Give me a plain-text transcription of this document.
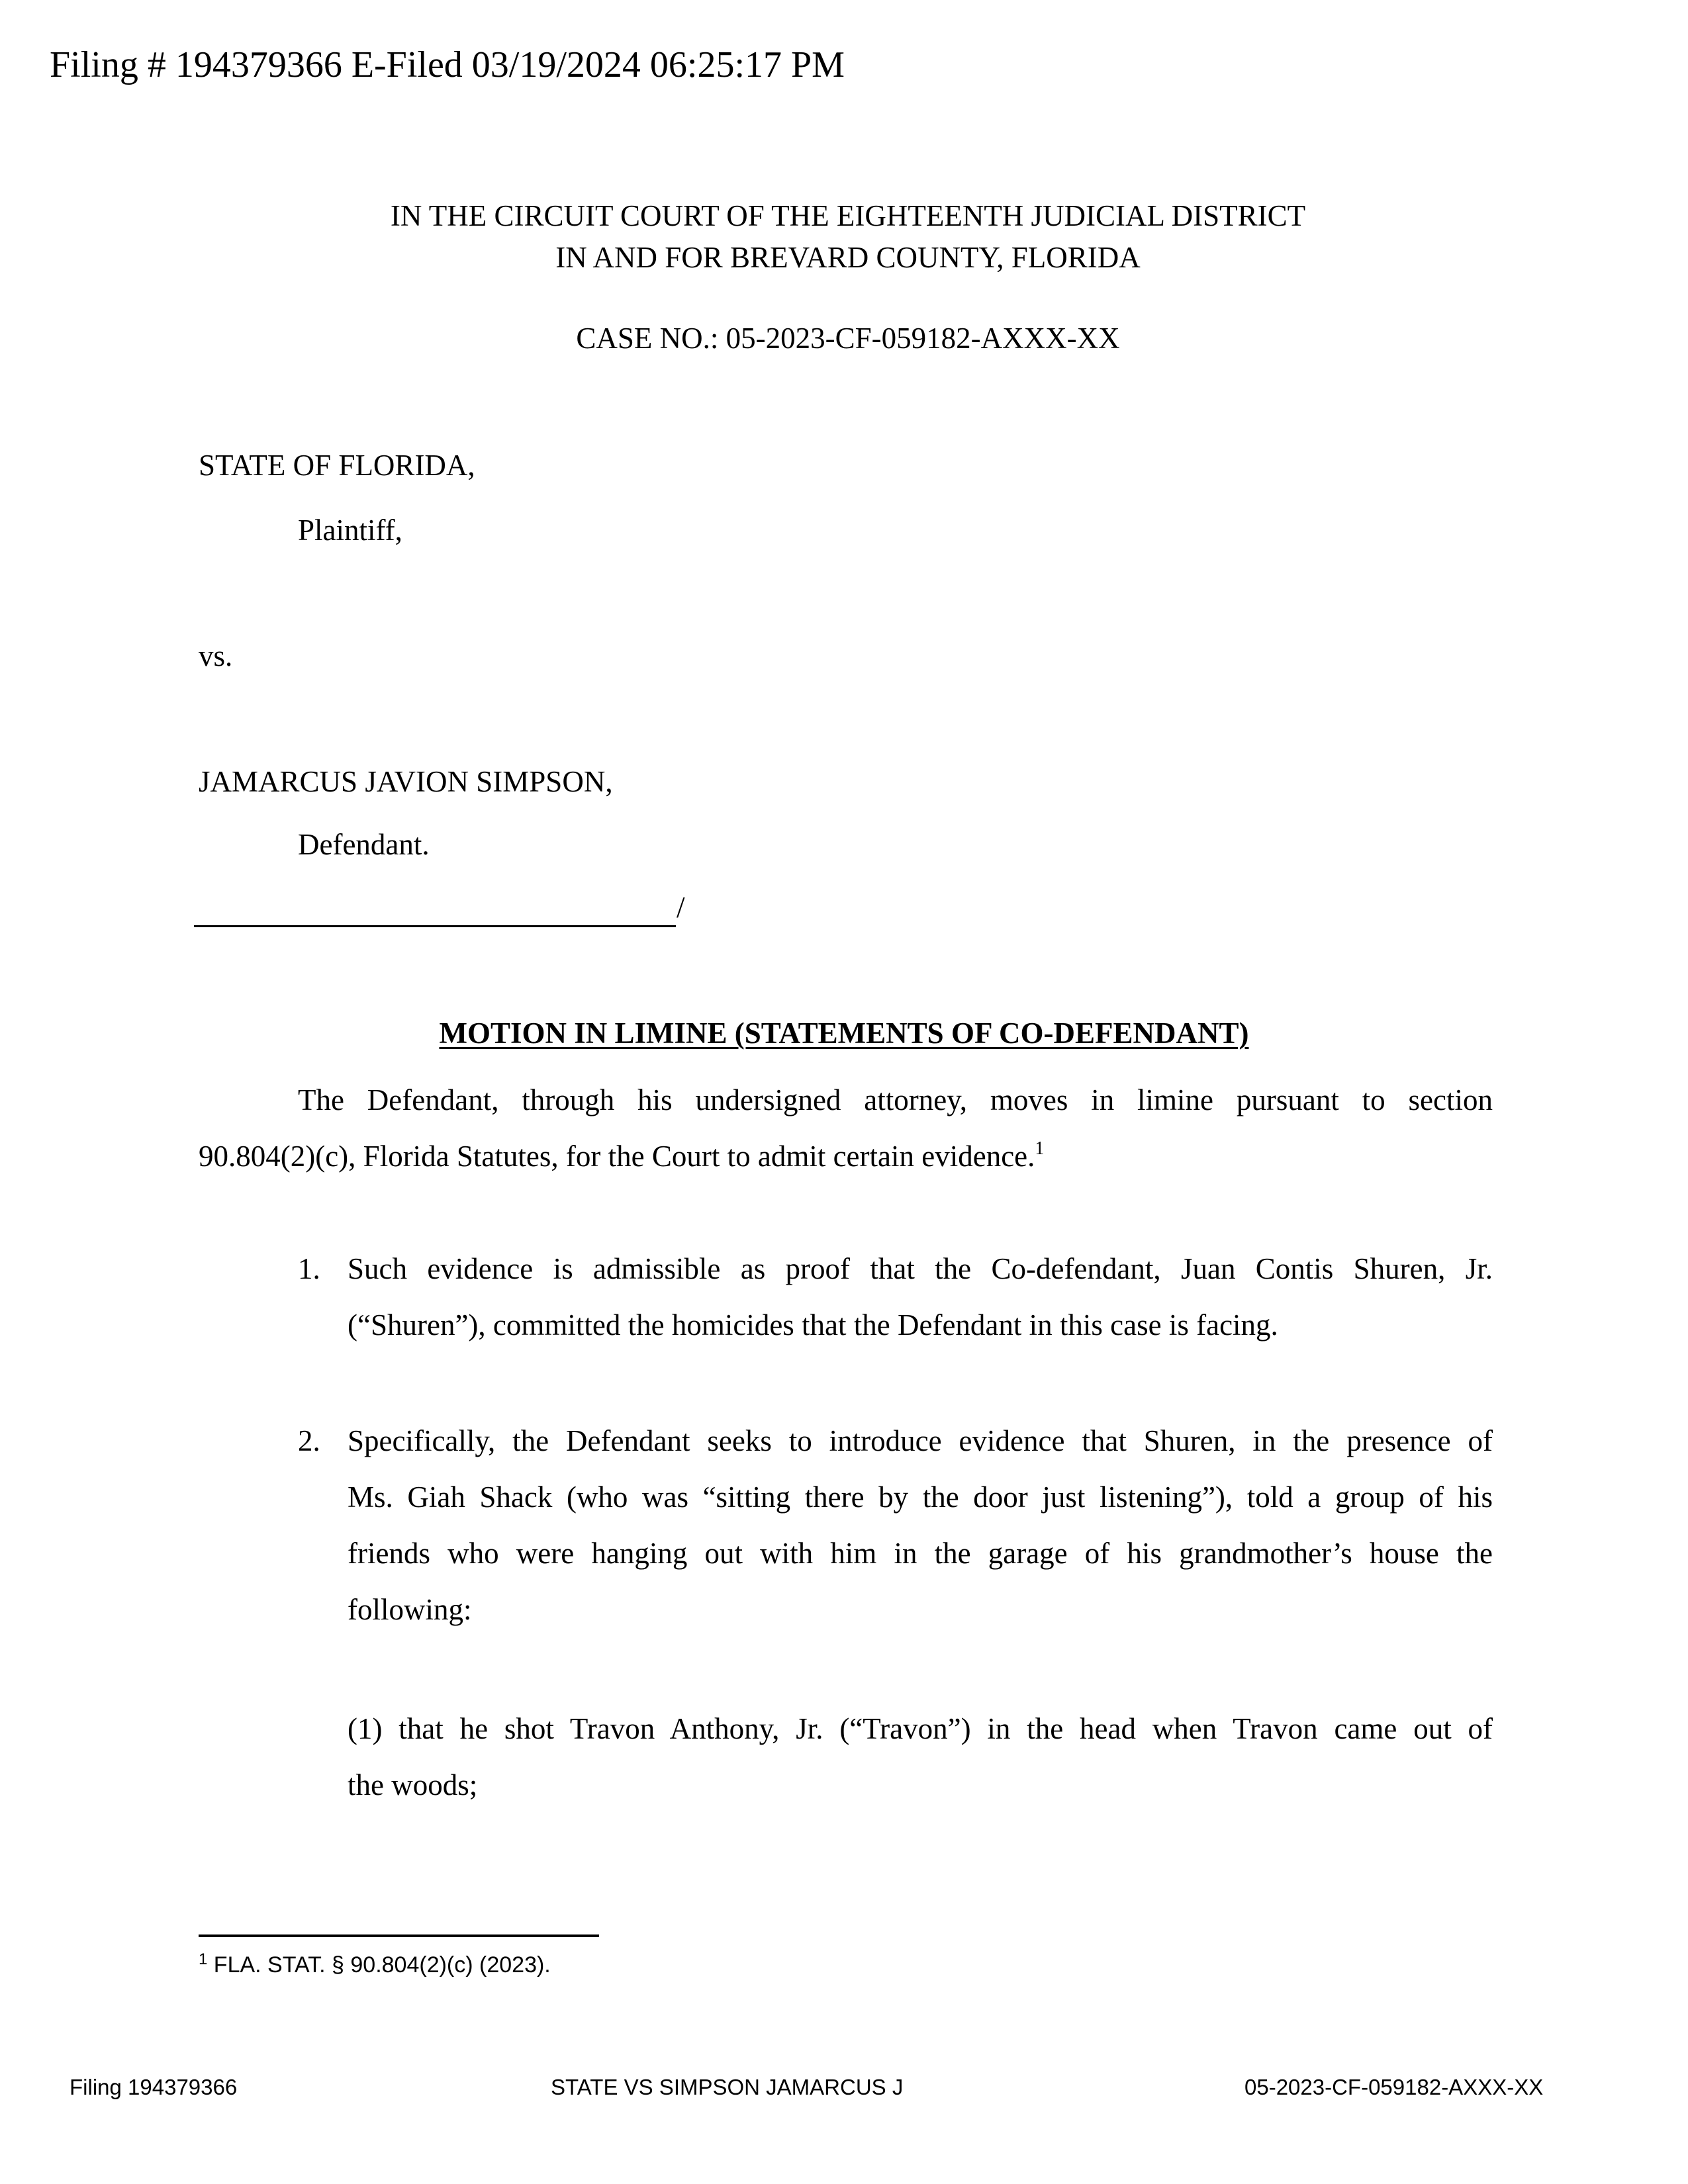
Filing # 194379366 E-Filed 03/19/2024 06:25:17 PM
IN THE CIRCUIT COURT OF THE EIGHTEENTH JUDICIAL DISTRICT
IN AND FOR BREVARD COUNTY, FLORIDA
CASE NO.: 05-2023-CF-059182-AXXX-XX
STATE OF FLORIDA,
Plaintiff,
vs.
JAMARCUS JAVION SIMPSON,
Defendant.
/
MOTION IN LIMINE (STATEMENTS OF CO-DEFENDANT)
The Defendant, through his undersigned attorney, moves in limine pursuant to section
90.804(2)(c), Florida Statutes, for the Court to admit certain evidence.$^1$
1. Such evidence is admissible as proof that the Co-defendant, Juan Contis Shuren, Jr.
(“Shuren”), committed the homicides that the Defendant in this case is facing.
2. Specifically, the Defendant seeks to introduce evidence that Shuren, in the presence of
Ms. Giah Shack (who was “sitting there by the door just listening”), told a group of his
friends who were hanging out with him in the garage of his grandmother’s house the
following:
(1) that he shot Travon Anthony, Jr. (“Travon”) in the head when Travon came out of
the woods;
$^1$ FLA. STAT. § 90.804(2)(c) (2023).
Filing 194379366	STATE VS SIMPSON JAMARCUS J	05-2023-CF-059182-AXXX-XX
